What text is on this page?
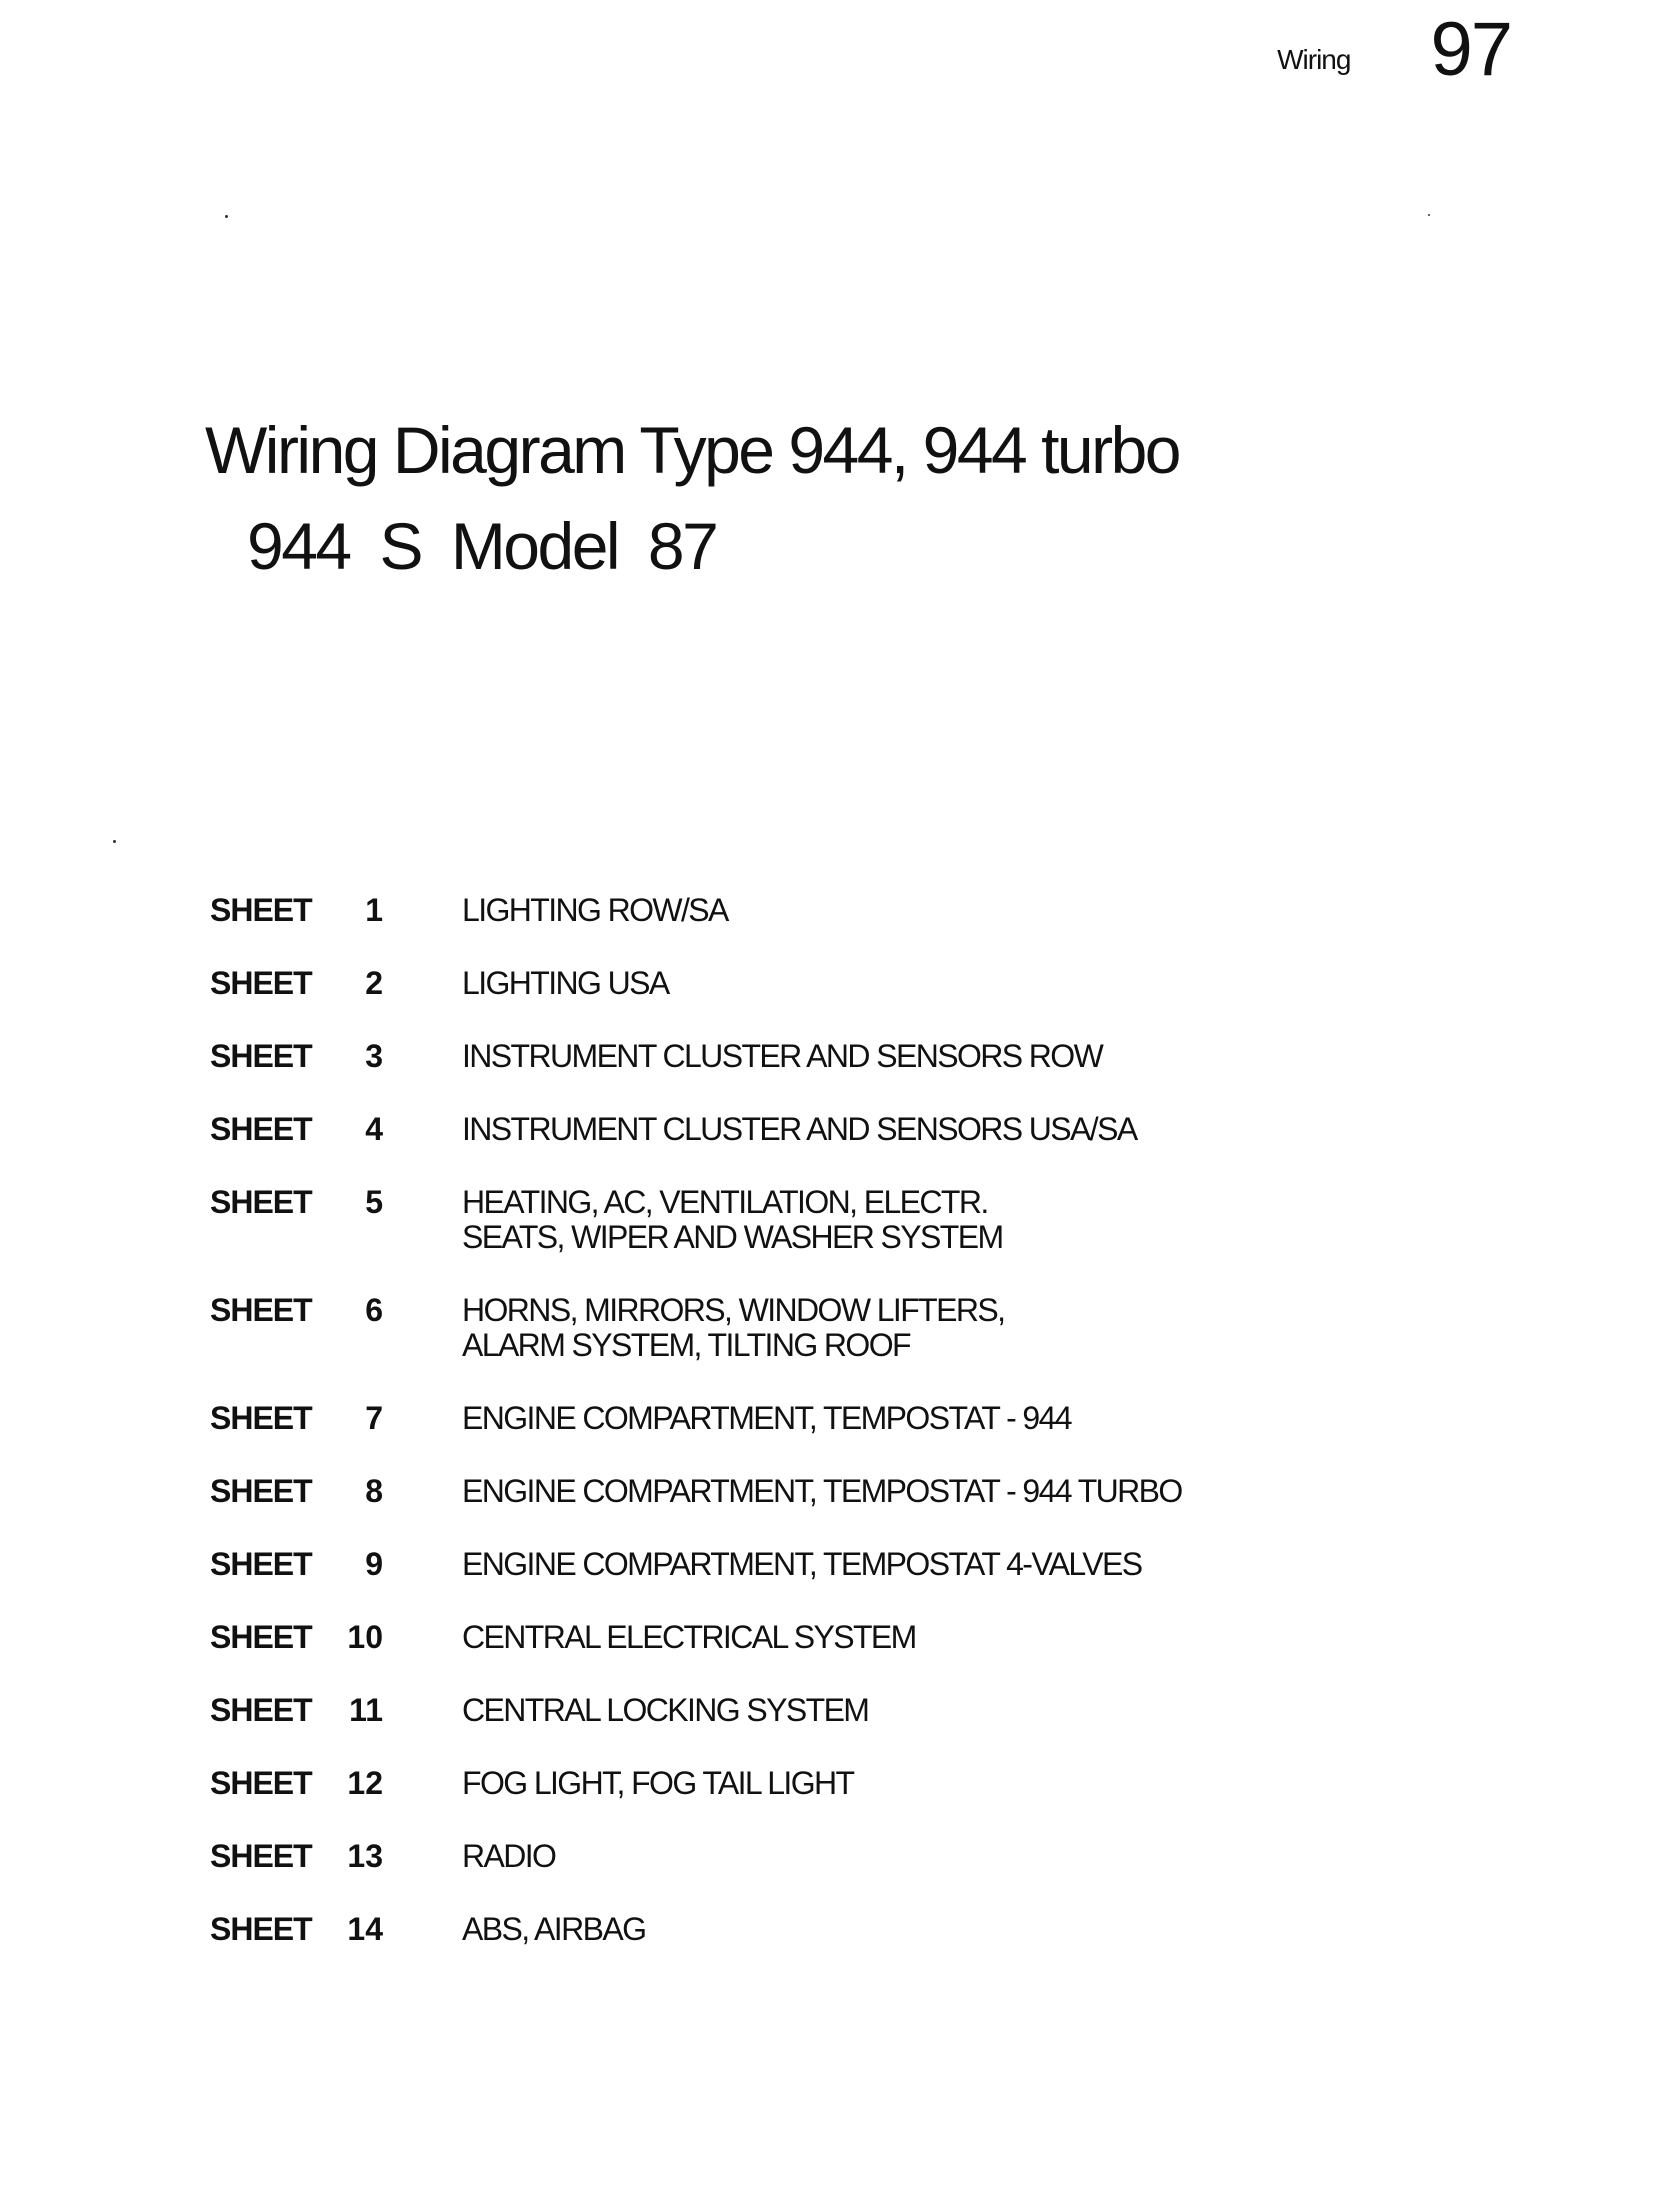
Wiring 97
Wiring Diagram Type 944, 944 turbo
944 S Model 87
SHEET	1 LIGHTING ROW/SA
SHEET	2 LIGHTING USA
SHEET	3 INSTRUMENT CLUSTER AND SENSORS ROW
SHEET	4 INSTRUMENT CLUSTER AND SENSORS USA/SA
SHEET	5 HEATING, AC, VENTILATION, ELECTR.
SEATS, WIPER AND WASHER SYSTEM
SHEET	6 HORNS, MIRRORS, WINDOW LIFTERS,
ALARM SYSTEM, TILTING ROOF
SHEET	7 ENGINE COMPARTMENT, TEMPOSTAT - 944
SHEET	8 ENGINE COMPARTMENT, TEMPOSTAT - 944 TURBO
SHEET	9 ENGINE COMPARTMENT, TEMPOSTAT 4-VALVES
SHEET	10 CENTRAL ELECTRICAL SYSTEM
SHEET	11 CENTRAL LOCKING SYSTEM
SHEET	12 FOG LIGHT, FOG TAIL LIGHT
SHEET	13 RADIO
SHEET	14 ABS, AIRBAG
